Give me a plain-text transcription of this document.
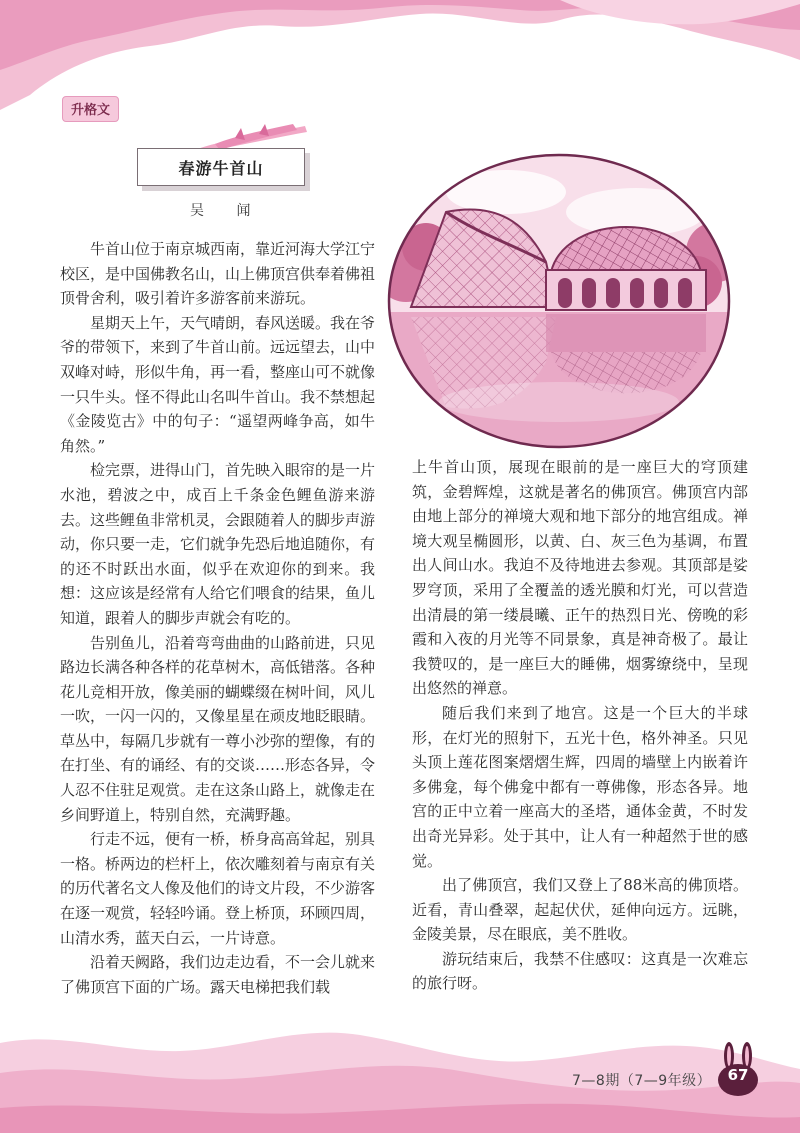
升格文
春游牛首山
吴 闻

牛首山位于南京城西南，靠近河海大学江宁校区，是中国佛教名山，山上佛顶宫供奉着佛祖顶骨舍利，吸引着许多游客前来游玩。

星期天上午，天气晴朗，春风送暖。我在爷爷的带领下，来到了牛首山前。远远望去，山中双峰对峙，形似牛角，再一看，整座山可不就像一只牛头。怪不得此山名叫牛首山。我不禁想起《金陵览古》中的句子：“遥望两峰争高，如牛角然。”

检完票，进得山门，首先映入眼帘的是一片水池，碧波之中，成百上千条金色鲤鱼游来游去。这些鲤鱼非常机灵，会跟随着人的脚步声游动，你只要一走，它们就争先恐后地追随你，有的还不时跃出水面，似乎在欢迎你的到来。我想：这应该是经常有人给它们喂食的结果，鱼儿知道，跟着人的脚步声就会有吃的。

告别鱼儿，沿着弯弯曲曲的山路前进，只见路边长满各种各样的花草树木，高低错落。各种花儿竞相开放，像美丽的蝴蝶缀在树叶间，风儿一吹，一闪一闪的，又像星星在顽皮地眨眼睛。草丛中，每隔几步就有一尊小沙弥的塑像，有的在打坐、有的诵经、有的交谈……形态各异，令人忍不住驻足观赏。走在这条山路上，就像走在乡间野道上，特别自然，充满野趣。

行走不远，便有一桥，桥身高高耸起，别具一格。桥两边的栏杆上，依次雕刻着与南京有关的历代著名文人像及他们的诗文片段，不少游客在逐一观赏，轻轻吟诵。登上桥顶，环顾四周，山清水秀，蓝天白云，一片诗意。

沿着天阙路，我们边走边看，不一会儿就来了佛顶宫下面的广场。露天电梯把我们载

上牛首山顶，展现在眼前的是一座巨大的穹顶建筑，金碧辉煌，这就是著名的佛顶宫。佛顶宫内部由地上部分的禅境大观和地下部分的地宫组成。禅境大观呈椭圆形，以黄、白、灰三色为基调，布置出人间山水。我迫不及待地进去参观。其顶部是娑罗穹顶，采用了全覆盖的透光膜和灯光，可以营造出清晨的第一缕晨曦、正午的热烈日光、傍晚的彩霞和入夜的月光等不同景象，真是神奇极了。最让我赞叹的，是一座巨大的睡佛，烟雾缭绕中，呈现出悠然的禅意。

随后我们来到了地宫。这是一个巨大的半球形，在灯光的照射下，五光十色，格外神圣。只见头顶上莲花图案熠熠生辉，四周的墙壁上内嵌着许多佛龛，每个佛龛中都有一尊佛像，形态各异。地宫的正中立着一座高大的圣塔，通体金黄，不时发出奇光异彩。处于其中，让人有一种超然于世的感觉。

出了佛顶宫，我们又登上了88米高的佛顶塔。近看，青山叠翠，起起伏伏，延伸向远方。远眺，金陵美景，尽在眼底，美不胜收。

游玩结束后，我禁不住感叹：这真是一次难忘的旅行呀。

7—8期（7—9年级）	67
